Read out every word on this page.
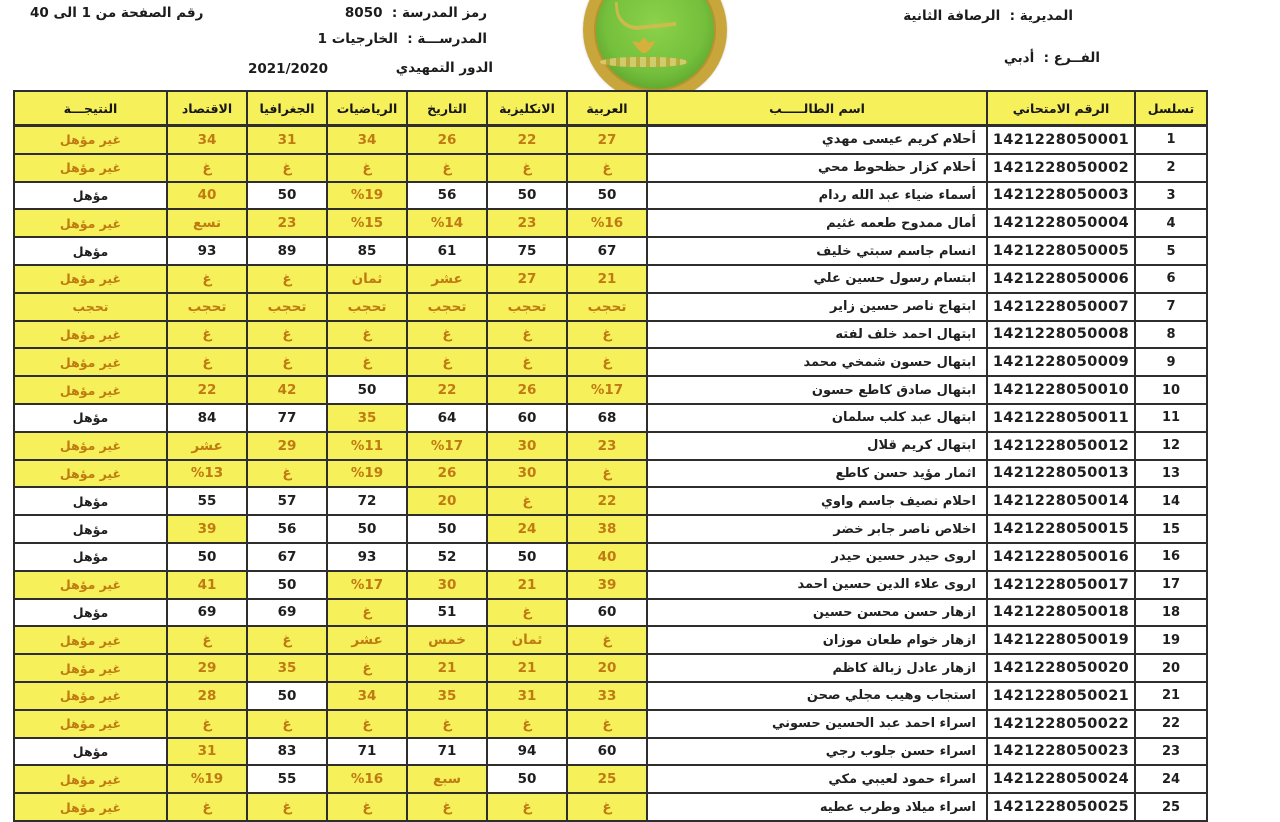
المديرية :  الرصافة الثانية
الفــرع :  أدبي
رمز المدرسة :  8050
المدرســـة :  الخارجيات 1
الدور التمهيدي
2021/2020
رقم الصفحة من 1 الى 40
تسلسل	الرقم الامتحاني	اسم الطالـــــب	العربية	الانكليزية	التاريخ	الرياضيات	الجغرافيا	الاقتصاد	النتيجـــة
1	1421228050001	أحلام كريم عيسى مهدي	27	22	26	34	31	34	غير مؤهل
2	1421228050002	أحلام كزار حظحوط محي	غ	غ	غ	غ	غ	غ	غير مؤهل
3	1421228050003	أسماء ضياء عبد الله ردام	50	50	56	%19	50	40	مؤهل
4	1421228050004	أمال ممدوح طعمه غثيم	%16	23	%14	%15	23	تسع	غير مؤهل
5	1421228050005	انسام جاسم سبتي خليف	67	75	61	85	89	93	مؤهل
6	1421228050006	ابتسام رسول حسين علي	21	27	عشر	ثمان	غ	غ	غير مؤهل
7	1421228050007	ابتهاج ناصر حسين زاير	تحجب	تحجب	تحجب	تحجب	تحجب	تحجب	تحجب
8	1421228050008	ابتهال احمد خلف لفته	غ	غ	غ	غ	غ	غ	غير مؤهل
9	1421228050009	ابتهال حسون شمخي محمد	غ	غ	غ	غ	غ	غ	غير مؤهل
10	1421228050010	ابتهال صادق كاطع حسون	%17	26	22	50	42	22	غير مؤهل
11	1421228050011	ابتهال عبد كلب سلمان	68	60	64	35	77	84	مؤهل
12	1421228050012	ابتهال كريم قلال	23	30	%17	%11	29	عشر	غير مؤهل
13	1421228050013	اثمار مؤيد حسن كاطع	غ	30	26	%19	غ	%13	غير مؤهل
14	1421228050014	احلام نصيف جاسم واوي	22	غ	20	72	57	55	مؤهل
15	1421228050015	اخلاص ناصر جابر خضر	38	24	50	50	56	39	مؤهل
16	1421228050016	اروى حيدر حسين حيدر	40	50	52	93	67	50	مؤهل
17	1421228050017	اروى علاء الدين حسين احمد	39	21	30	%17	50	41	غير مؤهل
18	1421228050018	ازهار حسن محسن حسين	60	غ	51	غ	69	69	مؤهل
19	1421228050019	ازهار خوام طعان موزان	غ	ثمان	خمس	عشر	غ	غ	غير مؤهل
20	1421228050020	ازهار عادل زبالة كاظم	20	21	21	غ	35	29	غير مؤهل
21	1421228050021	استجاب وهيب مجلي صحن	33	31	35	34	50	28	غير مؤهل
22	1421228050022	اسراء احمد عبد الحسين حسوني	غ	غ	غ	غ	غ	غ	غير مؤهل
23	1421228050023	اسراء حسن جلوب رجي	60	94	71	71	83	31	مؤهل
24	1421228050024	اسراء حمود لعيبي مكي	25	50	سبع	%16	55	%19	غير مؤهل
25	1421228050025	اسراء ميلاد وطرب عطيه	غ	غ	غ	غ	غ	غ	غير مؤهل
